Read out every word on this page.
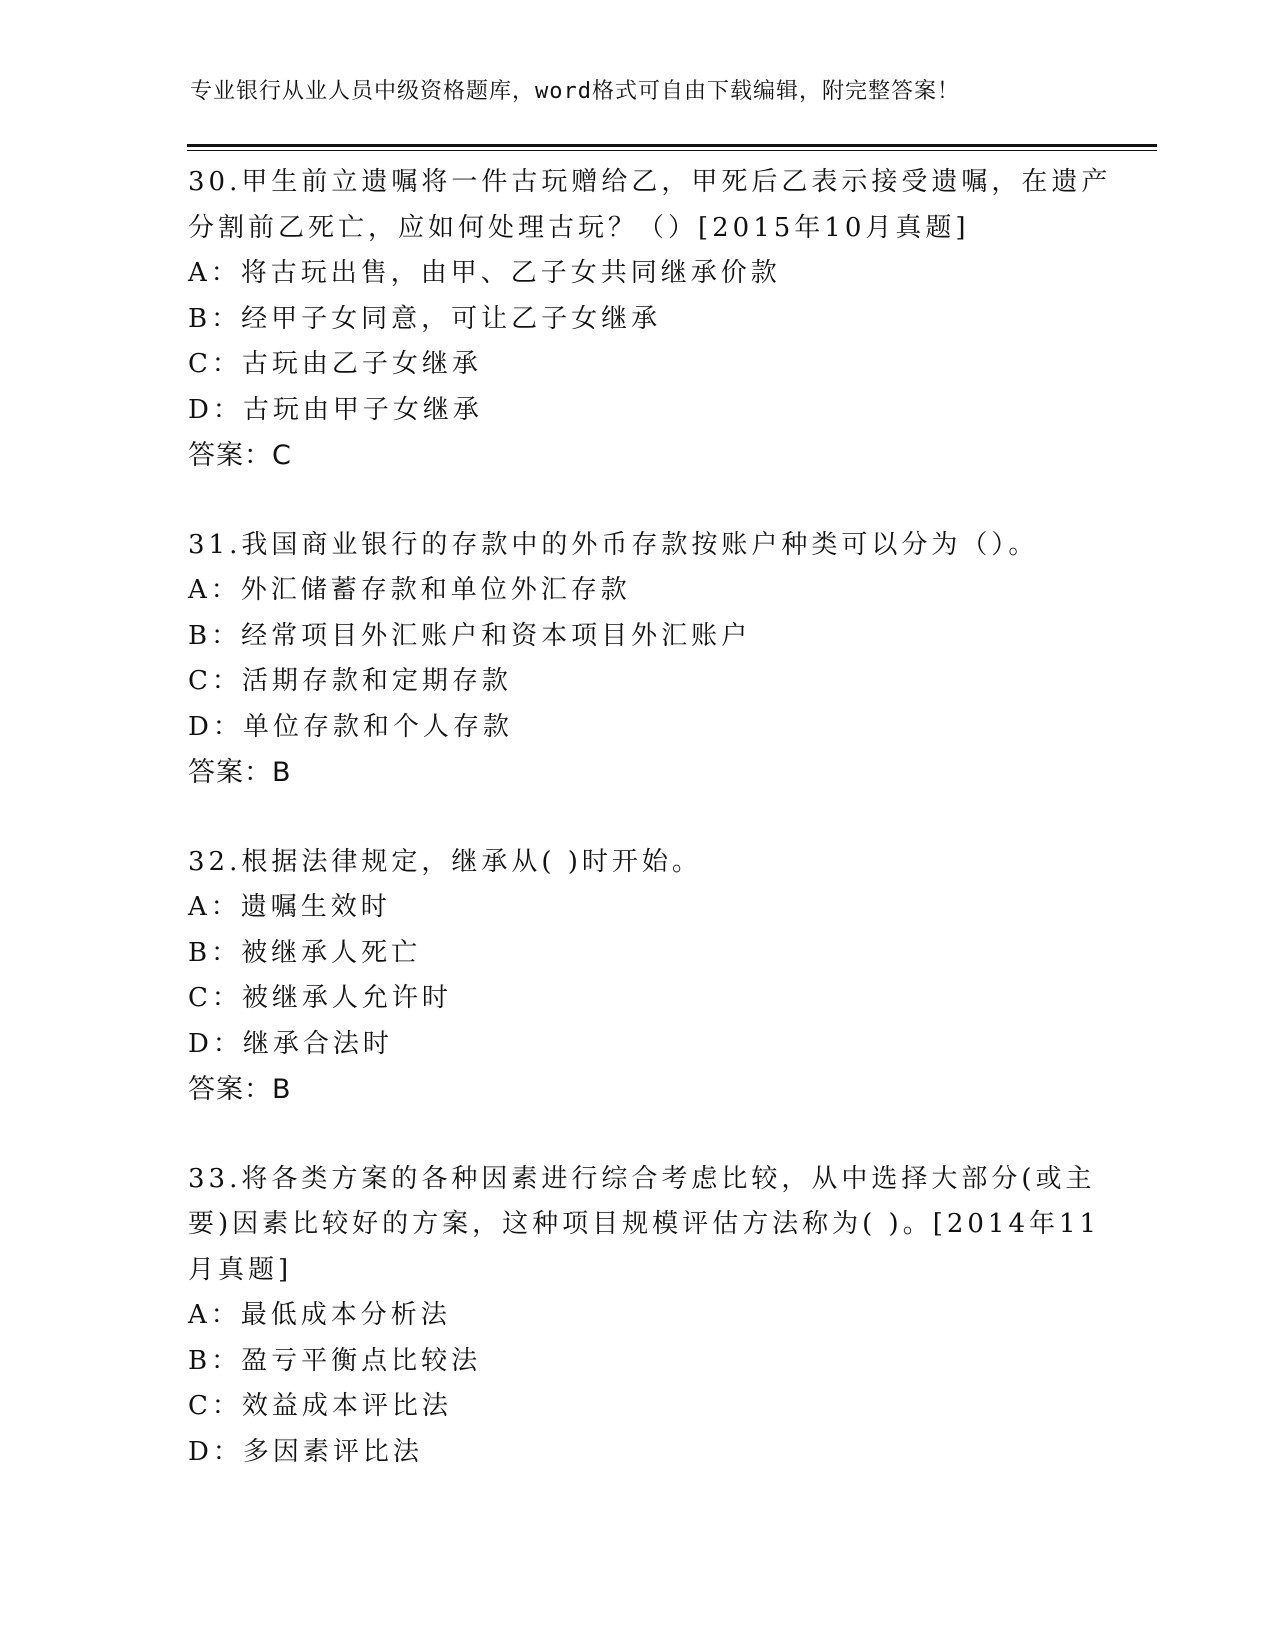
专业银行从业人员中级资格题库，word格式可自由下载编辑，附完整答案！
30.甲生前立遗嘱将一件古玩赠给乙，甲死后乙表示接受遗嘱，在遗产
分割前乙死亡，应如何处理古玩？（）[2015年10月真题]
A：将古玩出售，由甲、乙子女共同继承价款
B：经甲子女同意，可让乙子女继承
C：古玩由乙子女继承
D：古玩由甲子女继承
答案：C
31.我国商业银行的存款中的外币存款按账户种类可以分为（）。
A：外汇储蓄存款和单位外汇存款
B：经常项目外汇账户和资本项目外汇账户
C：活期存款和定期存款
D：单位存款和个人存款
答案：B
32.根据法律规定，继承从( )时开始。
A：遗嘱生效时
B：被继承人死亡
C：被继承人允许时
D：继承合法时
答案：B
33.将各类方案的各种因素进行综合考虑比较，从中选择大部分(或主
要)因素比较好的方案，这种项目规模评估方法称为( )。[2014年11
月真题]
A：最低成本分析法
B：盈亏平衡点比较法
C：效益成本评比法
D：多因素评比法
